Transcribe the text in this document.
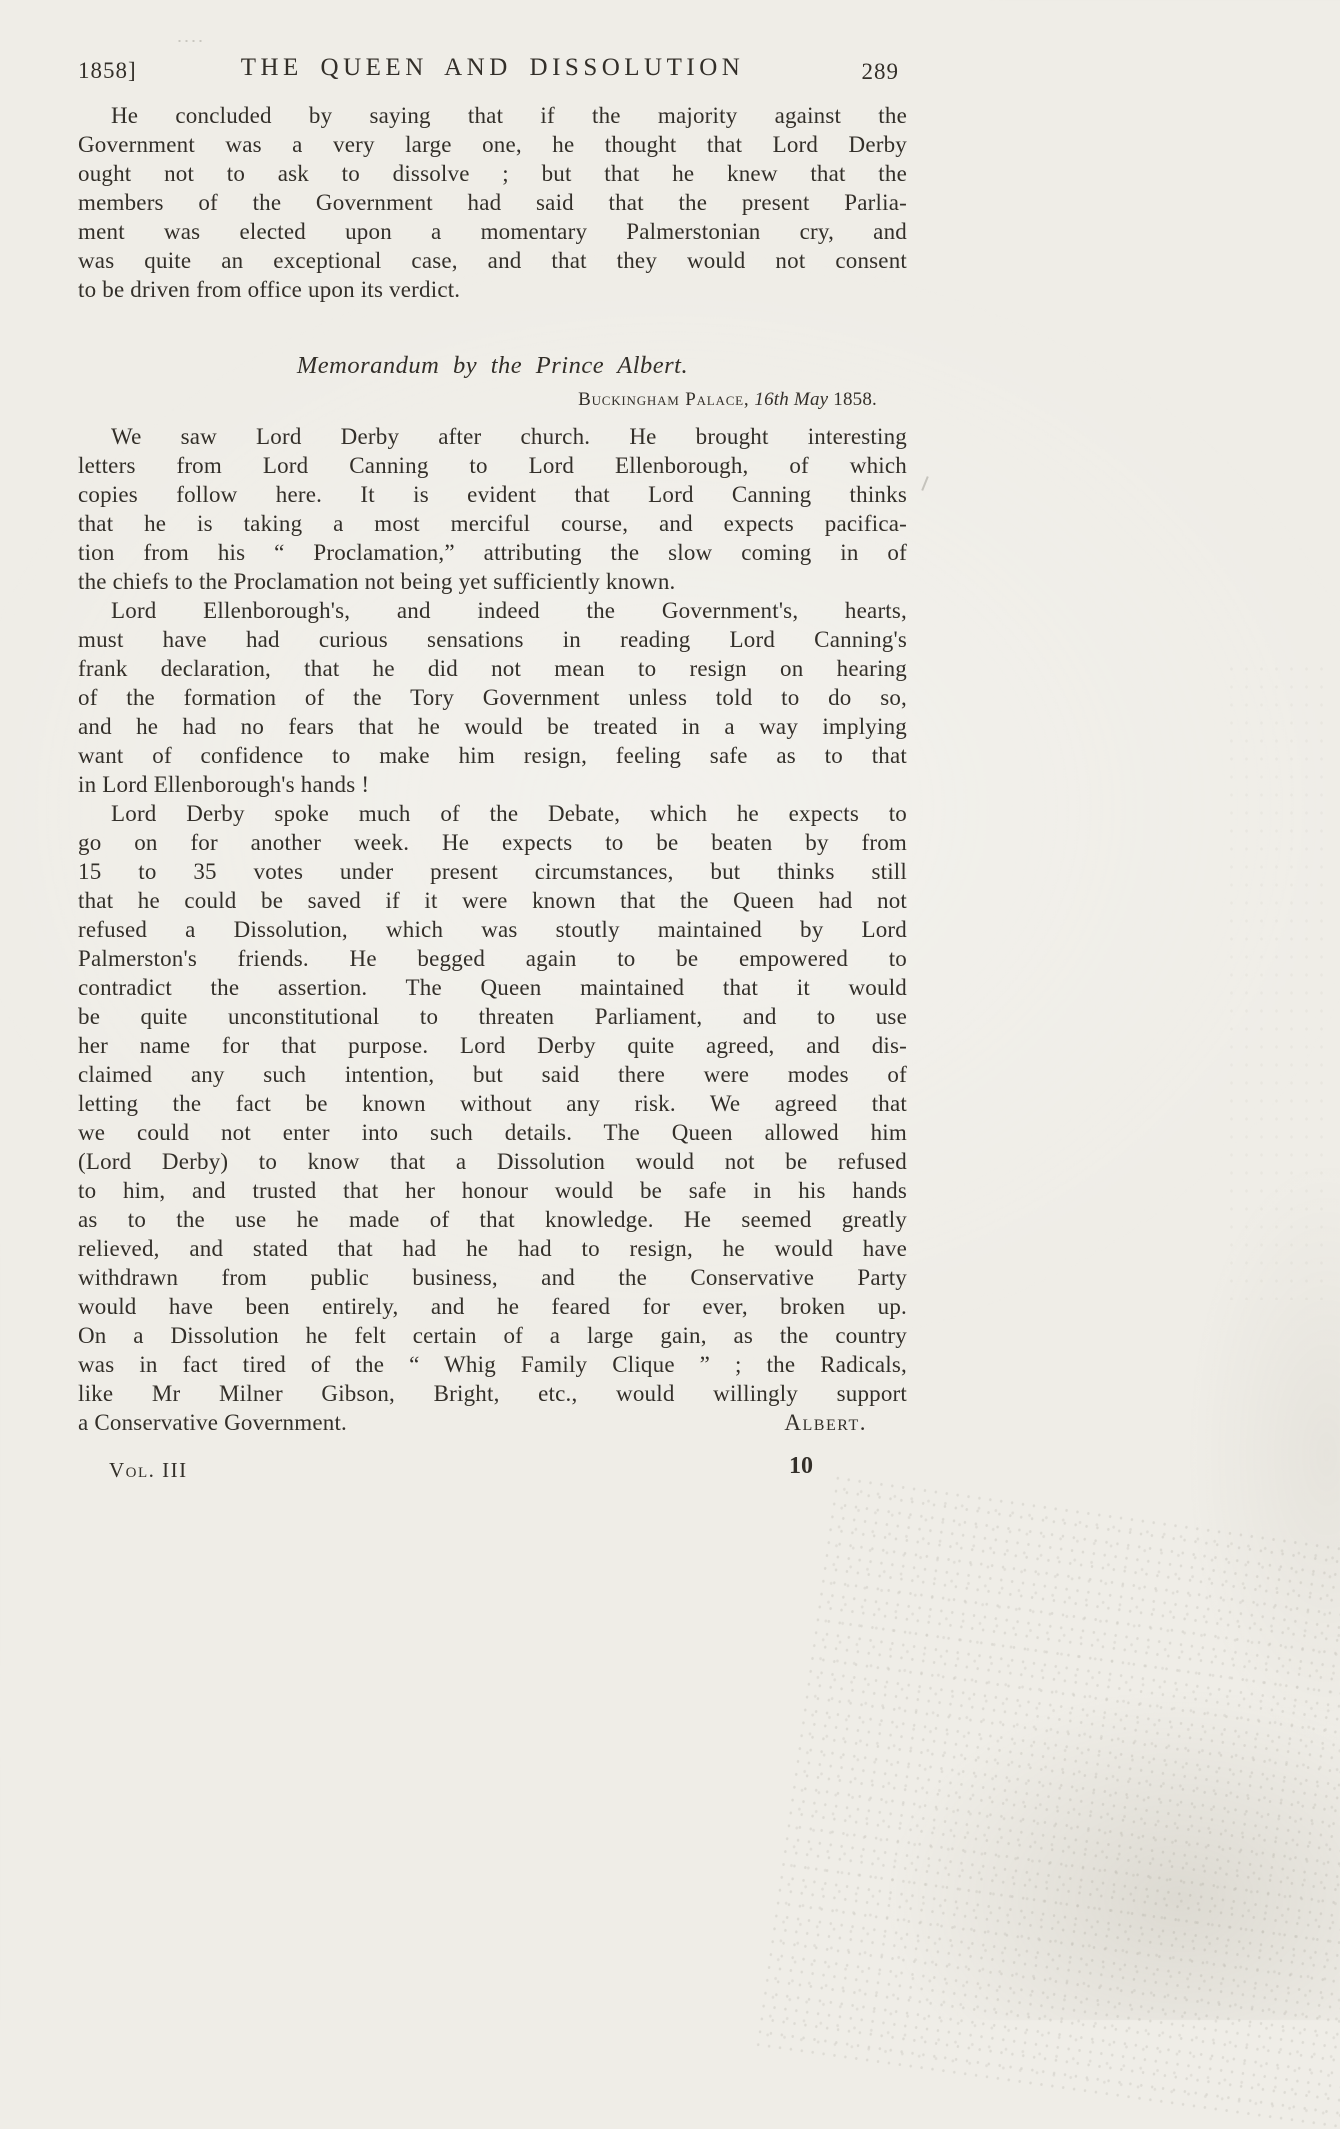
1858]	THE QUEEN AND DISSOLUTION	289
He concluded by saying that if the majority against the
Government was a very large one, he thought that Lord Derby
ought not to ask to dissolve ; but that he knew that the
members of the Government had said that the present Parlia-
ment was elected upon a momentary Palmerstonian cry, and
was quite an exceptional case, and that they would not consent
to be driven from office upon its verdict.
Memorandum by the Prince Albert.
Buckingham Palace, 16th May 1858.
We saw Lord Derby after church. He brought interesting
letters from Lord Canning to Lord Ellenborough, of which
copies follow here. It is evident that Lord Canning thinks
that he is taking a most merciful course, and expects pacifica-
tion from his “ Proclamation,” attributing the slow coming in of
the chiefs to the Proclamation not being yet sufficiently known.
Lord Ellenborough's, and indeed the Government's, hearts,
must have had curious sensations in reading Lord Canning's
frank declaration, that he did not mean to resign on hearing
of the formation of the Tory Government unless told to do so,
and he had no fears that he would be treated in a way implying
want of confidence to make him resign, feeling safe as to that
in Lord Ellenborough's hands !
Lord Derby spoke much of the Debate, which he expects to
go on for another week. He expects to be beaten by from
15 to 35 votes under present circumstances, but thinks still
that he could be saved if it were known that the Queen had not
refused a Dissolution, which was stoutly maintained by Lord
Palmerston's friends. He begged again to be empowered to
contradict the assertion. The Queen maintained that it would
be quite unconstitutional to threaten Parliament, and to use
her name for that purpose. Lord Derby quite agreed, and dis-
claimed any such intention, but said there were modes of
letting the fact be known without any risk. We agreed that
we could not enter into such details. The Queen allowed him
(Lord Derby) to know that a Dissolution would not be refused
to him, and trusted that her honour would be safe in his hands
as to the use he made of that knowledge. He seemed greatly
relieved, and stated that had he had to resign, he would have
withdrawn from public business, and the Conservative Party
would have been entirely, and he feared for ever, broken up.
On a Dissolution he felt certain of a large gain, as the country
was in fact tired of the “ Whig Family Clique ” ; the Radicals,
like Mr Milner Gibson, Bright, etc., would willingly support
a Conservative Government.	Albert.
Vol. III	10
